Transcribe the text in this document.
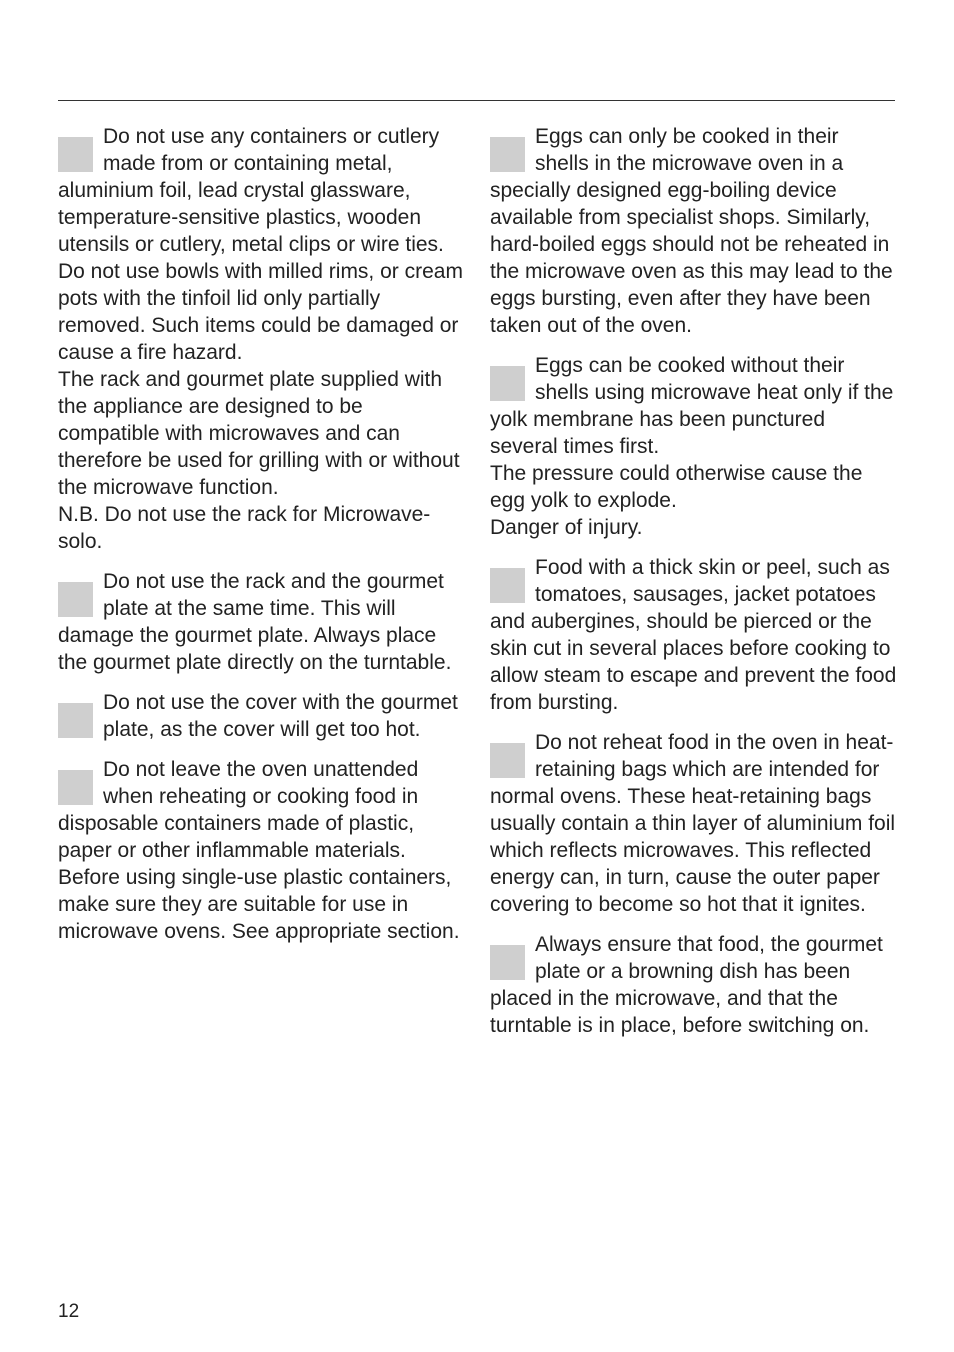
Do not use any containers or cutlery made from or containing metal, aluminium foil, lead crystal glassware, temperature-sensitive plastics, wooden utensils or cutlery, metal clips or wire ties. Do not use bowls with milled rims, or cream pots with the tinfoil lid only partially removed. Such items could be damaged or cause a fire hazard.

The rack and gourmet plate supplied with the appliance are designed to be compatible with microwaves and can therefore be used for grilling with or without the microwave function.

N.B. Do not use the rack for Microwave-solo.

Do not use the rack and the gourmet plate at the same time. This will damage the gourmet plate. Always place the gourmet plate directly on the turntable.

Do not use the cover with the gourmet plate, as the cover will get too hot.

Do not leave the oven unattended when reheating or cooking food in disposable containers made of plastic, paper or other inflammable materials. Before using single-use plastic containers, make sure they are suitable for use in microwave ovens. See appropriate section.

Eggs can only be cooked in their shells in the microwave oven in a specially designed egg-boiling device available from specialist shops. Similarly, hard-boiled eggs should not be reheated in the microwave oven as this may lead to the eggs bursting, even after they have been taken out of the oven.

Eggs can be cooked without their shells using microwave heat only if the yolk membrane has been punctured several times first.

The pressure could otherwise cause the egg yolk to explode.

Danger of injury.

Food with a thick skin or peel, such as tomatoes, sausages, jacket potatoes and aubergines, should be pierced or the skin cut in several places before cooking to allow steam to escape and prevent the food from bursting.

Do not reheat food in the oven in heat-retaining bags which are intended for normal ovens. These heat-retaining bags usually contain a thin layer of aluminium foil which reflects microwaves. This reflected energy can, in turn, cause the outer paper covering to become so hot that it ignites.

Always ensure that food, the gourmet plate or a browning dish has been placed in the microwave, and that the turntable is in place, before switching on.

12
